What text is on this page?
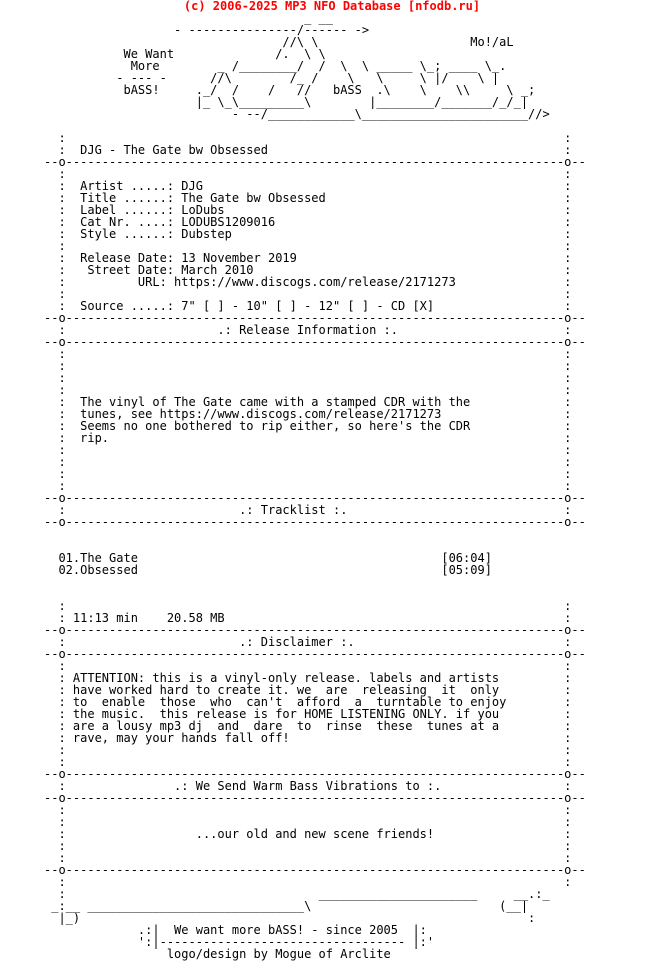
(c) 2006-2025 MP3 NFO Database [nfodb.ru]
_ __
- ---------------/------ ->
//\ \                     Mo!/aL
We Want              /.  \ \
More        _ /________/  /  \  \ _____ \_; ____ \_.
- --- -      //\        /_ /    \   \     \ |/    \ |
bASS!     ._/  /    /   //   bASS  .\    \    \\     \ _;
|_ \_\_________\        |________/_______/_/_|
- --/____________\_______________________//>

:                                                                     :
:  DJG - The Gate bw Obsessed                                         :
--o---------------------------------------------------------------------o--
:                                                                     :
:  Artist .....: DJG                                                  :
:  Title ......: The Gate bw Obsessed                                 :
:  Label ......: LoDubs                                               :
:  Cat Nr. ....: LODUBS1209016                                        :
:  Style ......: Dubstep                                              :
:                                                                     :
:  Release Date: 13 November 2019                                     :
:   Street Date: March 2010                                           :
:          URL: https://www.discogs.com/release/2171273               :
:                                                                     :
:  Source .....: 7" [ ] - 10" [ ] - 12" [ ] - CD [X]                  :
--o---------------------------------------------------------------------o--
:                     .: Release Information :.                       :
--o---------------------------------------------------------------------o--
:                                                                     :
:                                                                     :
:                                                                     :
:                                                                     :
:  The vinyl of The Gate came with a stamped CDR with the             :
:  tunes, see https://www.discogs.com/release/2171273                 :
:  Seems no one bothered to rip either, so here's the CDR             :
:  rip.                                                               :
:                                                                     :
:                                                                     :
:                                                                     :
:                                                                     :
--o---------------------------------------------------------------------o--
:                        .: Tracklist :.                              :
--o---------------------------------------------------------------------o--

01.The Gate                                          [06:04]
02.Obsessed                                          [05:09]

:                                                                     :
: 11:13 min    20.58 MB                                               :
--o---------------------------------------------------------------------o--
:                        .: Disclaimer :.                             :
--o---------------------------------------------------------------------o--
:                                                                     :
: ATTENTION: this is a vinyl-only release. labels and artists         :
: have worked hard to create it. we  are  releasing  it  only         :
: to  enable  those  who  can't  afford  a  turntable to enjoy        :
: the music.  this release is for HOME LISTENING ONLY. if you         :
: are a lousy mp3 dj  and  dare  to  rinse  these  tunes at a         :
: rave, may your hands fall off!                                      :
:                                                                     :
:                                                                     :
--o---------------------------------------------------------------------o--
:               .: We Send Warm Bass Vibrations to :.                 :
--o---------------------------------------------------------------------o--
:                                                                     :
:                                                                     :
:                  ...our old and new scene friends!                  :
:                                                                     :
:                                                                     :
--o---------------------------------------------------------------------o--
:                                                                     :
:                                   ______________________     __.:_
_:__ ______________________________\                          (__|
|_)                                                              :
.:|  We want more bASS! - since 2005  |:
':|---------------------------------- |:'
logo/design by Mogue of Arclite
